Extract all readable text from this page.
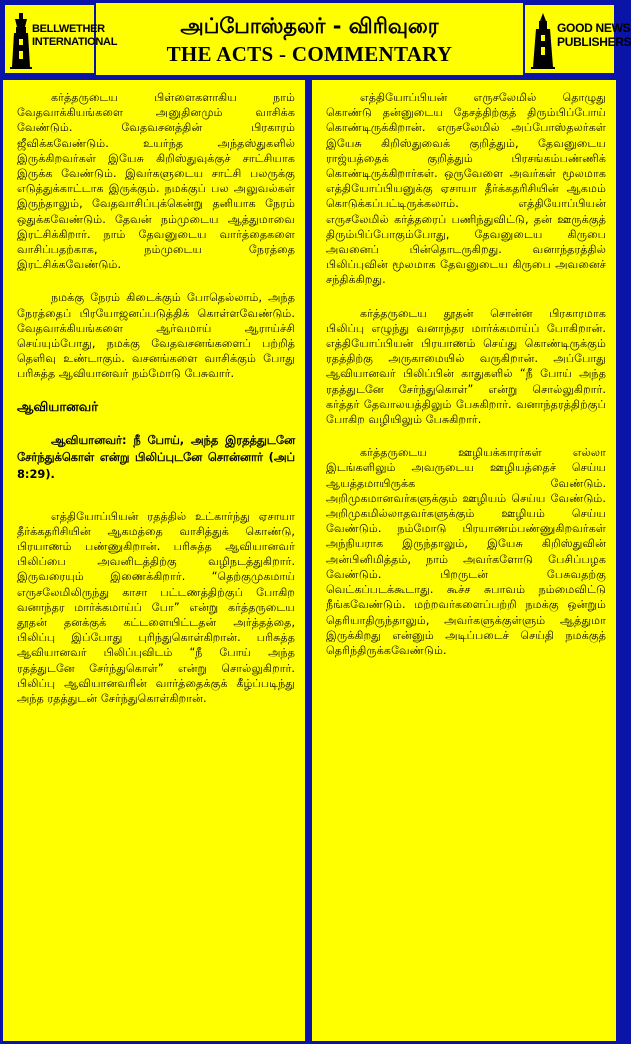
BELLWETHER
INTERNATIONAL
அப்போஸ்தலர் - விரிவுரை
THE ACTS - COMMENTARY
GOOD NEWS
PUBLISHERS

கர்த்தருடைய பிள்ளைகளாகிய நாம் வேதவாக்கியங்களை அனுதினமும் வாசிக்க வேண்டும். வேதவசனத்தின் பிரகாரம் ஜீவிக்கவேண்டும். உயர்ந்த அந்தஸ்துகளில் இருக்கிறவர்கள் இயேசு கிறிஸ்துவுக்குச் சாட்சியாக இருக்க வேண்டும். இவர்களுடைய சாட்சி பலருக்கு எடுத்துக்காட்டாக இருக்கும். நமக்குப் பல அலுவல்கள் இருந்தாலும், வேதவாசிப்புக்கென்று தனியாக நேரம் ஒதுக்கவேண்டும். தேவன் நம்முடைய ஆத்துமாவை இரட்சிக்கிறார். நாம் தேவனுடைய வார்த்தைகளை வாசிப்பதற்காக, நம்முடைய நேரத்தை இரட்சிக்கவேண்டும்.

நமக்கு நேரம் கிடைக்கும் போதெல்லாம், அந்த நேரத்தைப் பிரயோஜனப்படுத்திக் கொள்ளவேண்டும். வேதவாக்கியங்களை ஆர்வமாய் ஆராய்ச்சி செய்யும்போது, நமக்கு வேதவசனங்களைப் பற்றித் தெளிவு உண்டாகும். வசனங்களை வாசிக்கும் போது பரிசுத்த ஆவியானவர் நம்மோடு பேசுவார்.

ஆவியானவர்

ஆவியானவர்: நீ போய், அந்த இரதத்துடனே சேர்ந்துக்கொள் என்று பிலிப்புடனே சொன்னார் (அப் 8:29).

எத்தியோப்பியன் ரதத்தில் உட்கார்ந்து ஏசாயா தீர்க்கதரிசியின் ஆகமத்தை வாசித்துக் கொண்டு, பிரயாணம் பண்ணுகிறான். பரிசுத்த ஆவியானவர் பிலிப்பை அவனிடத்திற்கு வழிநடத்துகிறார். இருவரையும் இணைக்கிறார். “தெற்குமுகமாய் எருசலேமிலிருந்து காசா பட்டணத்திற்குப் போகிற வனாந்தர மார்க்கமாய்ப் போ” என்று கர்த்தருடைய தூதன் தனக்குக் கட்டளையிட்டதன் அர்த்தத்தை, பிலிப்பு இப்போது புரிந்துகொள்கிறான். பரிசுத்த ஆவியானவர் பிலிப்புவிடம் “நீ போய் அந்த ரதத்துடனே சேர்ந்துகொள்” என்று சொல்லுகிறார். பிலிப்பு ஆவியானவரின் வார்த்தைக்குக் கீழ்ப்படிந்து அந்த ரதத்துடன் சேர்ந்துகொள்கிறான்.

எத்தியோப்பியன் எருசலேமில் தொழுது கொண்டு தன்னுடைய தேசத்திற்குத் திரும்பிப்போய் கொண்டிருக்கிறான். எருசலேமில் அப்போஸ்தலர்கள் இயேசு கிறிஸ்துவைக் குறித்தும், தேவனுடைய ராஜ்யத்தைக் குறித்தும் பிரசங்கம்பண்ணிக் கொண்டிருக்கிறார்கள். ஒருவேளை அவர்கள் மூலமாக எத்தியோப்பியனுக்கு ஏசாயா தீர்க்கதரிசியின் ஆகமம் கொடுக்கப்பட்டிருக்கலாம். எத்தியோப்பியன் எருசலேமில் கர்த்தரைப் பணிந்துவிட்டு, தன் ஊருக்குத் திரும்பிப்போகும்போது, தேவனுடைய கிருபை அவனைப் பின்தொடருகிறது. வனாந்தரத்தில் பிலிப்புவின் மூலமாக தேவனுடைய கிருபை அவனைச் சந்திக்கிறது.

கர்த்தருடைய தூதன் சொன்ன பிரகாரமாக பிலிப்பு எழுந்து வனாந்தர மார்க்கமாய்ப் போகிறான். எத்தியோப்பியன் பிரயாணம் செய்து கொண்டிருக்கும் ரதத்திற்கு அருகாமையில் வருகிறான். அப்போது ஆவியானவர் பிலிப்பின் காதுகளில் “நீ போய் அந்த ரதத்துடனே சேர்ந்துகொள்” என்று சொல்லுகிறார். கர்த்தர் தேவாலயத்திலும் பேசுகிறார். வனாந்தரத்திற்குப் போகிற வழியிலும் பேசுகிறார்.

கர்த்தருடைய ஊழியக்காரர்கள் எல்லா இடங்களிலும் அவருடைய ஊழியத்தைச் செய்ய ஆயத்தமாயிருக்க வேண்டும். அறிமுகமானவர்களுக்கும் ஊழியம் செய்ய வேண்டும். அறிமுகமில்லாதவர்களுக்கும் ஊழியம் செய்ய வேண்டும். நம்மோடு பிரயாணம்பண்ணுகிறவர்கள் அந்நியராக இருந்தாலும், இயேசு கிறிஸ்துவின் அன்பினிமித்தம், நாம் அவர்களோடு பேசிப்பழக வேண்டும். பிறருடன் பேசுவதற்கு வெட்கப்படக்கூடாது. கூச்ச சுபாவம் நம்மைவிட்டு நீங்கவேண்டும். மற்றவர்களைப்பற்றி நமக்கு ஒன்றும் தெரியாதிருந்தாலும், அவர்களுக்குள்ளும் ஆத்துமா இருக்கிறது என்னும் அடிப்படைச் செய்தி நமக்குத் தெரிந்திருக்கவேண்டும்.
